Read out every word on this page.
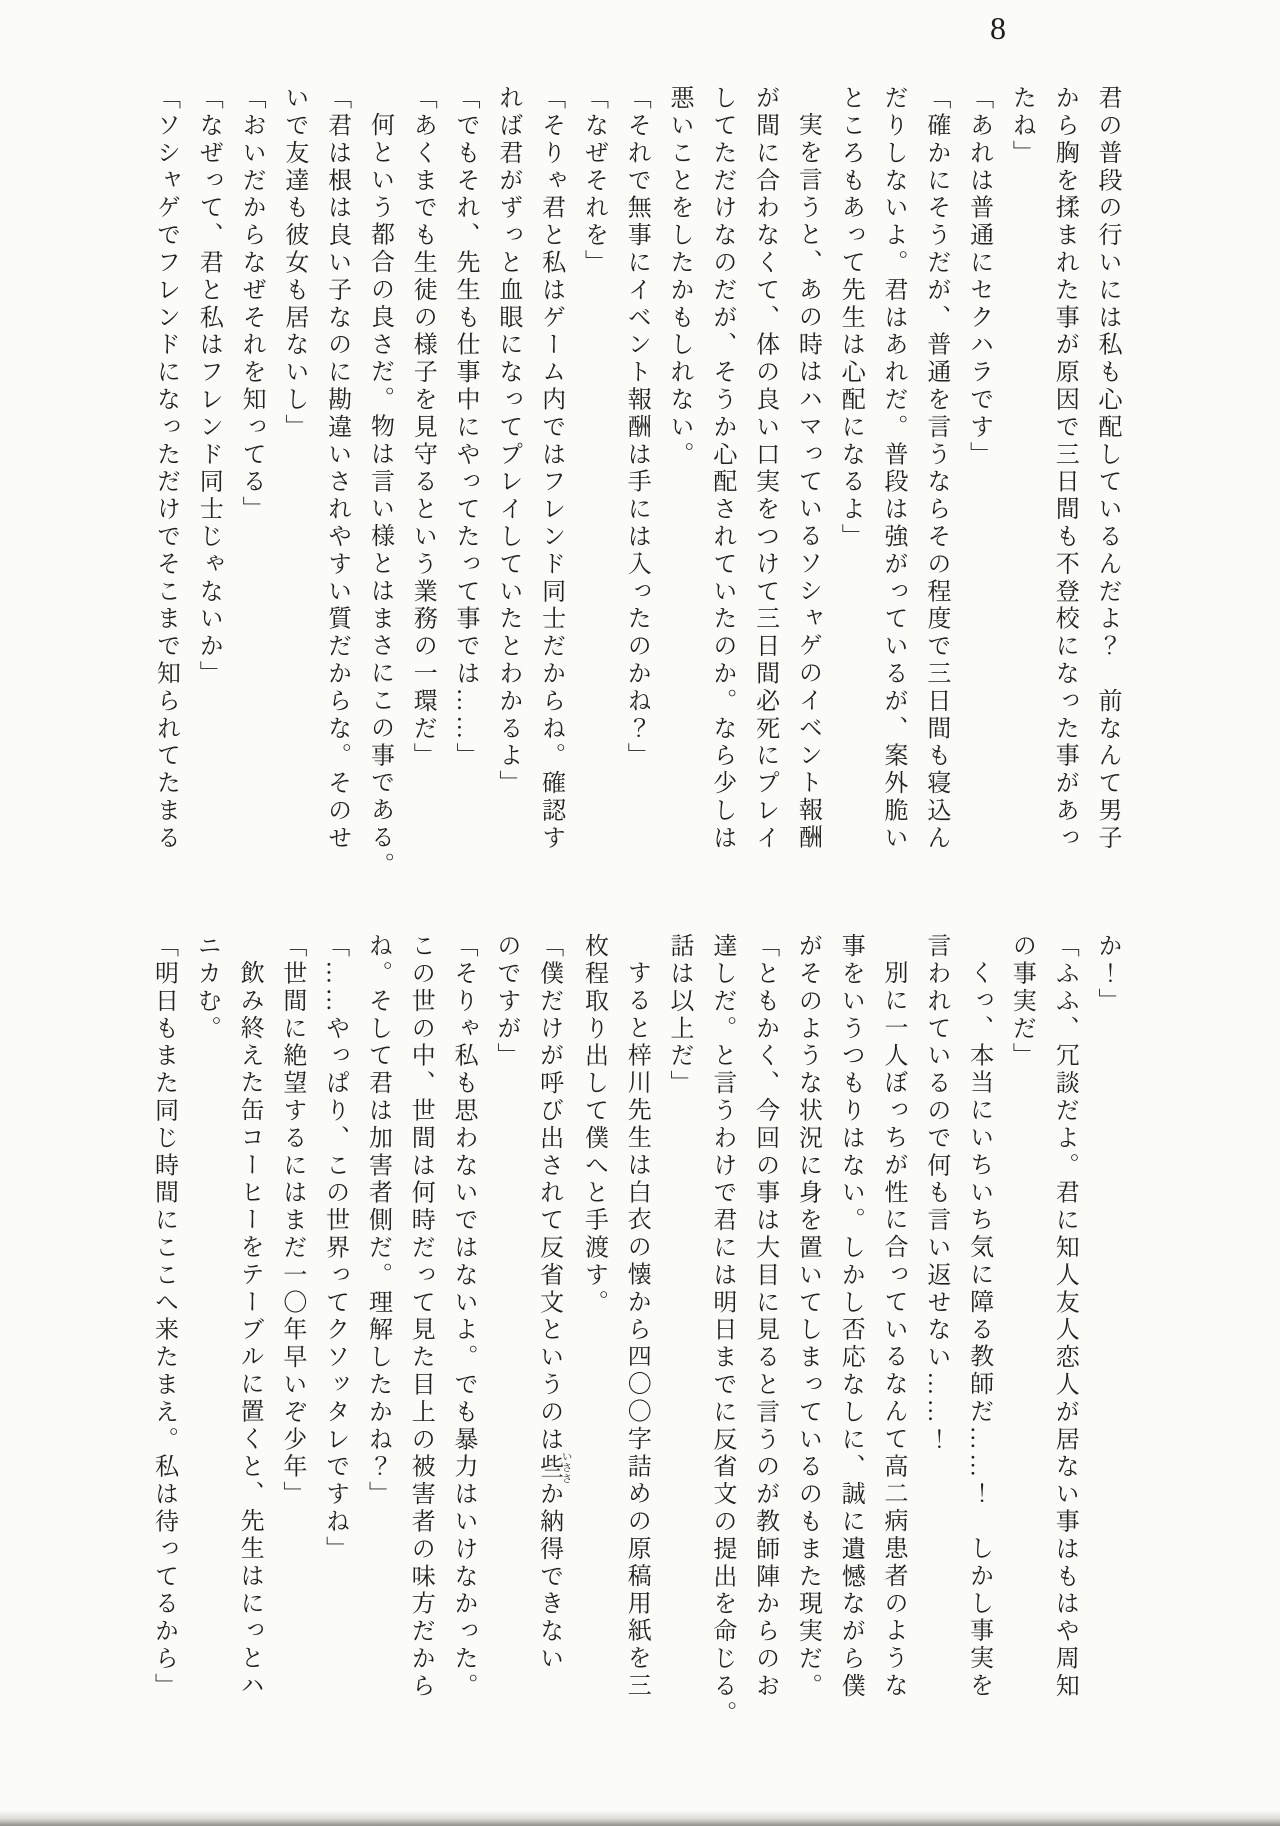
8

君の普段の行いには私も心配しているんだよ？　前なんて男子

から胸を揉まれた事が原因で三日間も不登校になった事があっ

たね」

「あれは普通にセクハラです」

「確かにそうだが、普通を言うならその程度で三日間も寝込ん

だりしないよ。君はあれだ。普段は強がっているが、案外脆い

ところもあって先生は心配になるよ」

実を言うと、あの時はハマっているソシャゲのイベント報酬

が間に合わなくて、体の良い口実をつけて三日間必死にプレイ

してただけなのだが、そうか心配されていたのか。なら少しは

悪いことをしたかもしれない。

「それで無事にイベント報酬は手には入ったのかね？」

「なぜそれを」

「そりゃ君と私はゲーム内ではフレンド同士だからね。確認す

れば君がずっと血眼になってプレイしていたとわかるよ」

「でもそれ、先生も仕事中にやってたって事では……」

「あくまでも生徒の様子を見守るという業務の一環だ」

何という都合の良さだ。物は言い様とはまさにこの事である。

「君は根は良い子なのに勘違いされやすい質だからな。そのせ

いで友達も彼女も居ないし」

「おいだからなぜそれを知ってる」

「なぜって、君と私はフレンド同士じゃないか」

「ソシャゲでフレンドになっただけでそこまで知られてたまる

か！」

「ふふ、冗談だよ。君に知人友人恋人が居ない事はもはや周知

の事実だ」

くっ、本当にいちいち気に障る教師だ……！　しかし事実を

言われているので何も言い返せない……！

別に一人ぼっちが性に合っているなんて高二病患者のような

事をいうつもりはない。しかし否応なしに、誠に遺憾ながら僕

がそのような状況に身を置いてしまっているのもまた現実だ。

「ともかく、今回の事は大目に見ると言うのが教師陣からのお

達しだ。と言うわけで君には明日までに反省文の提出を命じる。

話は以上だ」

すると梓川先生は白衣の懐から四〇〇字詰めの原稿用紙を三

枚程取り出して僕へと手渡す。

「僕だけが呼び出されて反省文というのは些 いささか納得できない

のですが」

「そりゃ私も思わないではないよ。でも暴力はいけなかった。

この世の中、世間は何時だって見た目上の被害者の味方だから

ね。そして君は加害者側だ。理解したかね？」

「……やっぱり、この世界ってクソッタレですね」

「世間に絶望するにはまだ一〇年早いぞ少年」

飲み終えた缶コーヒーをテーブルに置くと、先生はにっとハ

ニカむ。

「明日もまた同じ時間にここへ来たまえ。私は待ってるから」
